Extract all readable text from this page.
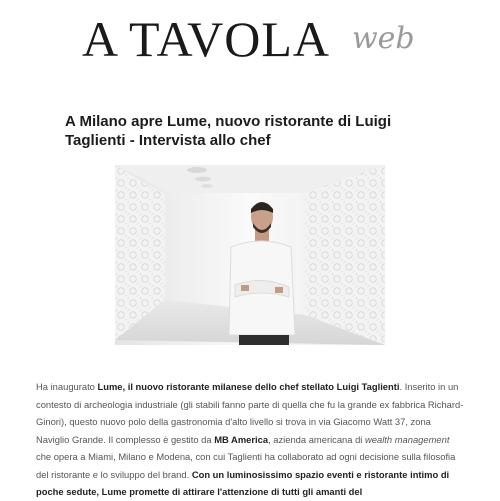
A TAVOLA web
A Milano apre Lume, nuovo ristorante di Luigi Taglienti - Intervista allo chef
Ha inaugurato Lume, il nuovo ristorante milanese dello chef stellato Luigi Taglienti. Inserito in un contesto di archeologia industriale (gli stabili fanno parte di quella che fu la grande ex fabbrica Richard-Ginori), questo nuovo polo della gastronomia d'alto livello si trova in via Giacomo Watt 37, zona Naviglio Grande. Il complesso è gestito da MB America, azienda americana di wealth management che opera a Miami, Milano e Modena, con cui Taglienti ha collaborato ad ogni decisione sulla filosofia del ristorante e lo sviluppo del brand. Con un luminosissimo spazio eventi e ristorante intimo di poche sedute, Lume promette di attirare l'attenzione di tutti gli amanti del
